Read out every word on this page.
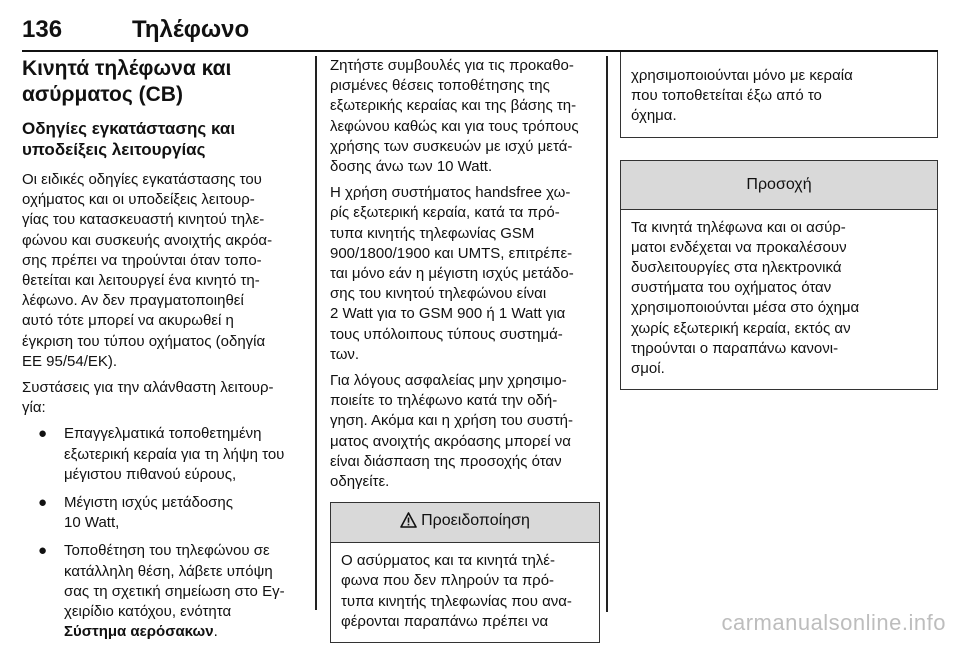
136	Τηλέφωνο
Κινητά τηλέφωνα και
ασύρματος (CB)
Οδηγίες εγκατάστασης και
υποδείξεις λειτουργίας

Οι ειδικές οδηγίες εγκατάστασης του
οχήματος και οι υποδείξεις λειτουρ-
γίας του κατασκευαστή κινητού τηλε-
φώνου και συσκευής ανοιχτής ακρόα-
σης πρέπει να τηρούνται όταν τοπο-
θετείται και λειτουργεί ένα κινητό τη-
λέφωνο. Αν δεν πραγματοποιηθεί
αυτό τότε μπορεί να ακυρωθεί η
έγκριση του τύπου οχήματος (οδηγία
ΕΕ 95/54/ΕΚ).

Συστάσεις για την αλάνθαστη λειτουρ-
γία:

● Επαγγελματικά τοποθετημένη
εξωτερική κεραία για τη λήψη του
μέγιστου πιθανού εύρους,
● Μέγιστη ισχύς μετάδοσης
10 Watt,
● Τοποθέτηση του τηλεφώνου σε
κατάλληλη θέση, λάβετε υπόψη
σας τη σχετική σημείωση στο Εγ-
χειρίδιο κατόχου, ενότητα
Σύστημα αερόσακων.

Ζητήστε συμβουλές για τις προκαθο-
ρισμένες θέσεις τοποθέτησης της
εξωτερικής κεραίας και της βάσης τη-
λεφώνου καθώς και για τους τρόπους
χρήσης των συσκευών με ισχύ μετά-
δοσης άνω των 10 Watt.

Η χρήση συστήματος handsfree χω-
ρίς εξωτερική κεραία, κατά τα πρό-
τυπα κινητής τηλεφωνίας GSM
900/1800/1900 και UMTS, επιτρέπε-
ται μόνο εάν η μέγιστη ισχύς μετάδο-
σης του κινητού τηλεφώνου είναι
2 Watt για το GSM 900 ή 1 Watt για
τους υπόλοιπους τύπους συστημά-
των.

Για λόγους ασφαλείας μην χρησιμο-
ποιείτε το τηλέφωνο κατά την οδή-
γηση. Ακόμα και η χρήση του συστή-
ματος ανοιχτής ακρόασης μπορεί να
είναι διάσπαση της προσοχής όταν
οδηγείτε.

Προειδοποίηση
Ο ασύρματος και τα κινητά τηλέ-
φωνα που δεν πληρούν τα πρό-
τυπα κινητής τηλεφωνίας που ανα-
φέρονται παραπάνω πρέπει να
χρησιμοποιούνται μόνο με κεραία
που τοποθετείται έξω από το
όχημα.
Προσοχή
Τα κινητά τηλέφωνα και οι ασύρ-
ματοι ενδέχεται να προκαλέσουν
δυσλειτουργίες στα ηλεκτρονικά
συστήματα του οχήματος όταν
χρησιμοποιούνται μέσα στο όχημα
χωρίς εξωτερική κεραία, εκτός αν
τηρούνται ο παραπάνω κανονι-
σμοί.
carmanualsonline.info
